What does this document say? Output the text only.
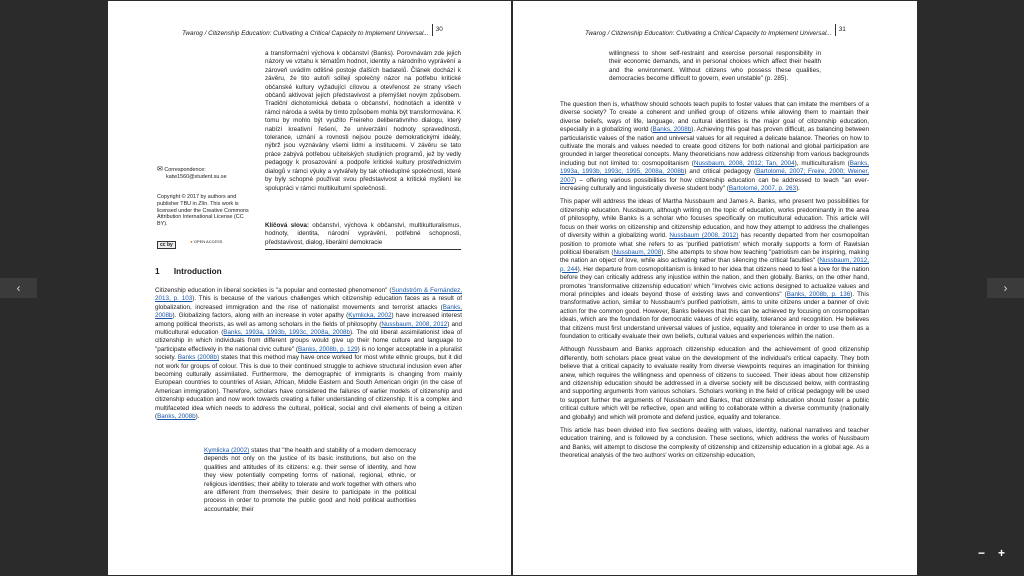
Twarog / Citizenship Education: Cultivating a Critical Capacity to Implement Universal...30
a transformační výchova k občanství (Banks). Porovnávám zde jejich názory ve vztahu k tématům hodnot, identity a národního vyprávění a zároveň uvádím odlišné postoje ďalších badatelů. Článek dochází k závěru, že tito autoři sdílejí společný názor na potřebu kritické občanské kultury vyžadující cílovou a otevřenost ze strany všech občanů aktivovat jejich představivost a přemýšlet novým způsobem. Tradiční dichotomická debata o občanství, hodnotách a identitě v rámci národa a světa by tímto způsobem mohla být transformována. K tomu by mohlo být využito Freireho deliberativního dialogu, který nabízí kreativní řešení, že univerzální hodnoty spravedlnosti, tolerance, uznání a rovnosti nejsou pouze demokratickými ideály, nýbrž jsou vyznávány všemi lidmi a institucemi. V závěru se tato práce zabývá potřebou učitelských studijních programů, jež by vedly pedagogy k prosazování a podpoře kritické kultury prostřednictvím dialogů v rámci výuky a vytvářely by tak ohleduplné společnosti, které by byly schopné používat svou představivost a kritické myšlení ke spolupráci v rámci multikulturní společnosti.
Klíčová slova: občanství, výchova k občanství, multikulturalismus, hodnoty, identita, národní vyprávění, potřebné schopnosti, představivost, dialog, liberální demokracie
✉ Correspondence:
katw1560@student.su.se
Copyright © 2017 by authors and publisher TBU in Zlín. This work is licensed under the Creative Commons Attribution International License (CC BY).
cc by ● OPEN ACCESS
1 Introduction
Citizenship education in liberal societies is "a popular and contested phenomenon" (Sundström & Fernández, 2013, p. 103). This is because of the various challenges which citizenship education faces as a result of globalization, increased immigration and the rise of nationalist movements and terrorist attacks (Banks, 2008b). Globalizing factors, along with an increase in voter apathy (Kymlicka, 2002) have increased interest among political theorists, as well as among scholars in the fields of philosophy (Nussbaum, 2008, 2012) and multicultural education (Banks, 1993a, 1993b, 1993c, 2008a, 2008b). The old liberal assimilationist idea of citizenship in which individuals from different groups would give up their home culture and language to "participate effectively in the national civic culture" (Banks, 2008b, p. 129) is no longer acceptable in a pluralist society. Banks (2008b) states that this method may have once worked for most white ethnic groups, but it did not work for groups of colour. This is due to their continued struggle to achieve structural inclusion even after becoming culturally assimilated. Furthermore, the demographic of immigrants is changing from mainly European countries to countries of Asian, African, Middle Eastern and South American origin (in the case of American immigration). Therefore, scholars have considered the failures of earlier models of citizenship and citizenship education and now work towards creating a fuller understanding of citizenship. It is a complex and multifaceted idea which needs to address the cultural, political, social and civil elements of being a citizen (Banks, 2008b).
Kymlicka (2002) states that "the health and stability of a modern democracy depends not only on the justice of its basic institutions, but also on the qualities and attitudes of its citizens: e.g. their sense of identity, and how they view potentially competing forms of national, regional, ethnic, or religious identities; their ability to tolerate and work together with others who are different from themselves; their desire to participate in the political process in order to promote the public good and hold political authorities accountable; their
Twarog / Citizenship Education: Cultivating a Critical Capacity to Implement Universal...31
willingness to show self-restraint and exercise personal responsibility in their economic demands, and in personal choices which affect their health and the environment. Without citizens who possess these qualities, democracies become difficult to govern, even unstable" (p. 285).

The question then is, what/how should schools teach pupils to foster values that can imitate the members of a diverse society? To create a coherent and unified group of citizens while allowing them to maintain their diverse beliefs, ways of life, language, and cultural identities is the major goal of citizenship education, especially in a globalizing world (Banks, 2008b). Achieving this goal has proven difficult, as balancing between particularistic values of the nation and universal values for all required a delicate balance. Theories on how to cultivate the morals and values needed to create good citizens for both national and global participation are grounded in larger theoretical concepts. Many theoreticians now address citizenship from various backgrounds including but not limited to: cosmopolitanism (Nussbaum, 2008, 2012; Tan, 2004), multiculturalism (Banks, 1993a, 1993b, 1993c, 1995, 2008a, 2008b) and critical pedagogy (Bartolomé, 2007; Freire, 2000; Weiner, 2007) – offering various possibilities for how citizenship education can be addressed to teach "an ever-increasing culturally and linguistically diverse student body" (Bartolomé, 2007, p. 263).

This paper will address the ideas of Martha Nussbaum and James A. Banks, who present two possibilities for citizenship education. Nussbaum, although writing on the topic of education, works predominantly in the area of philosophy, while Banks is a scholar who focuses specifically on multicultural education. This article will focus on their works on citizenship and citizenship education, and how they attempt to address the challenges of diversity within a globalizing world. Nussbaum (2008, 2012) has recently departed from her cosmopolitan position to promote what she refers to as 'purified patriotism' which morally supports a form of Rawlsian political liberalism (Nussbaum, 2008). She attempts to show how teaching "patriotism can be inspiring, making the nation an object of love, while also activating rather than silencing the critical faculties" (Nussbaum, 2012, p. 244). Her departure from cosmopolitanism is linked to her idea that citizens need to feel a love for the nation before they can critically address any injustice within the nation, and then globally. Banks, on the other hand, promotes 'transformative citizenship education' which "involves civic actions designed to actualize values and moral principles and ideals beyond those of existing laws and conventions" (Banks, 2008b, p. 136). This transformative action, similar to Nussbaum's purified patriotism, aims to unite citizens under a banner of civic action for the common good. However, Banks believes that this can be achieved by focusing on cosmopolitan ideals, which are the foundation for democratic values of civic equality, tolerance and recognition. He believes that citizens must first understand universal values of justice, equality and tolerance in order to use them as a foundation to critically evaluate their own beliefs, cultural values and experiences within the nation.

Although Nussbaum and Banks approach citizenship education and the achievement of good citizenship differently, both scholars place great value on the development of the individual's critical capacity. They both believe that a critical capacity to evaluate reality from diverse viewpoints requires an imagination for thinking anew, which requires the willingness and openness of citizens to succeed. Their ideas about how citizenship and citizenship education should be addressed in a diverse society will be discussed below, with contrasting and supporting arguments from various scholars. Scholars working in the field of critical pedagogy will be used to support further the arguments of Nussbaum and Banks, that citizenship education should foster a public critical culture which will be reflective, open and willing to collaborate within a diverse community (nationally and globally) and which will promote and defend justice, equality and tolerance.

This article has been divided into five sections dealing with values, identity, national narratives and teacher education training, and is followed by a conclusion. These sections, which address the works of Nussbaum and Banks, will attempt to disclose the complexity of citizenship and citizenship education in a global age. As a theoretical analysis of the two authors' works on citizenship education,

‹	›
− +
